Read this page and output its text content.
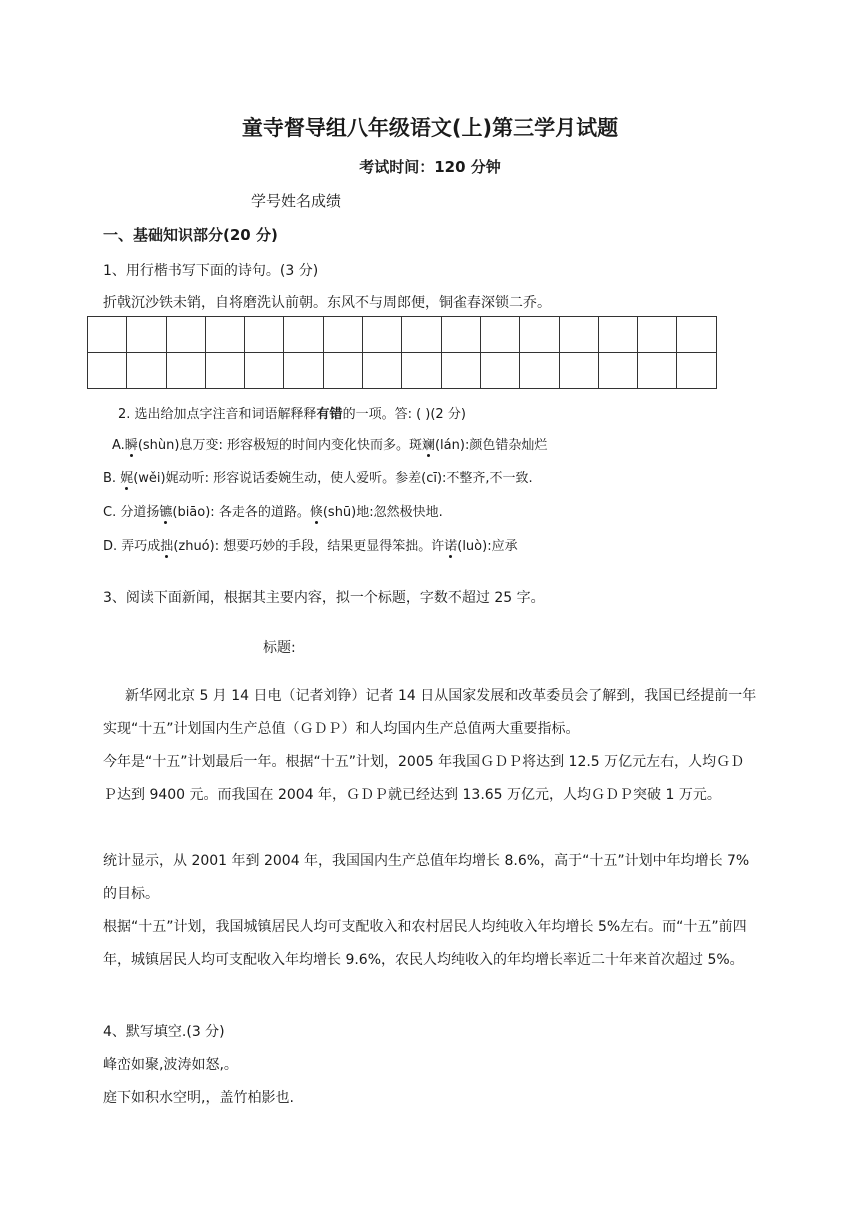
童寺督导组八年级语文(上)第三学月试题
考试时间：120 分钟
学号姓名成绩
一、基础知识部分(20 分)
1、用行楷书写下面的诗句。(3 分)
折戟沉沙铁未销，自将磨洗认前朝。东风不与周郎便，铜雀春深锁二乔。

2. 选出给加点字注音和词语解释释有错的一项。答: ( )(2 分)
A.瞬(shùn)息万变: 形容极短的时间内变化快而多。斑斓(lán):颜色错杂灿烂
B. 娓(wěi)娓动听: 形容说话委婉生动，使人爱听。参差(cī):不整齐,不一致.
C. 分道扬镳(biāo): 各走各的道路。倏(shū)地:忽然极快地.
D. 弄巧成拙(zhuó): 想要巧妙的手段，结果更显得笨拙。许诺(luò):应承
3、阅读下面新闻，根据其主要内容，拟一个标题，字数不超过 25 字。
标题:
新华网北京 5 月 14 日电（记者刘铮）记者 14 日从国家发展和改革委员会了解到，我国已经提前一年实现“十五”计划国内生产总值（ＧＤＰ）和人均国内生产总值两大重要指标。
今年是“十五”计划最后一年。根据“十五”计划，2005 年我国ＧＤＰ将达到 12.5 万亿元左右，人均ＧＤＰ达到 9400 元。而我国在 2004 年，ＧＤＰ就已经达到 13.65 万亿元，人均ＧＤＰ突破 1 万元。
统计显示，从 2001 年到 2004 年，我国国内生产总值年均增长 8.6%，高于“十五”计划中年均增长 7%的目标。
根据“十五”计划，我国城镇居民人均可支配收入和农村居民人均纯收入年均增长 5%左右。而“十五”前四年，城镇居民人均可支配收入年均增长 9.6%，农民人均纯收入的年均增长率近二十年来首次超过 5%。
4、默写填空.(3 分)
峰峦如聚,波涛如怒,。
庭下如积水空明,，盖竹柏影也.
